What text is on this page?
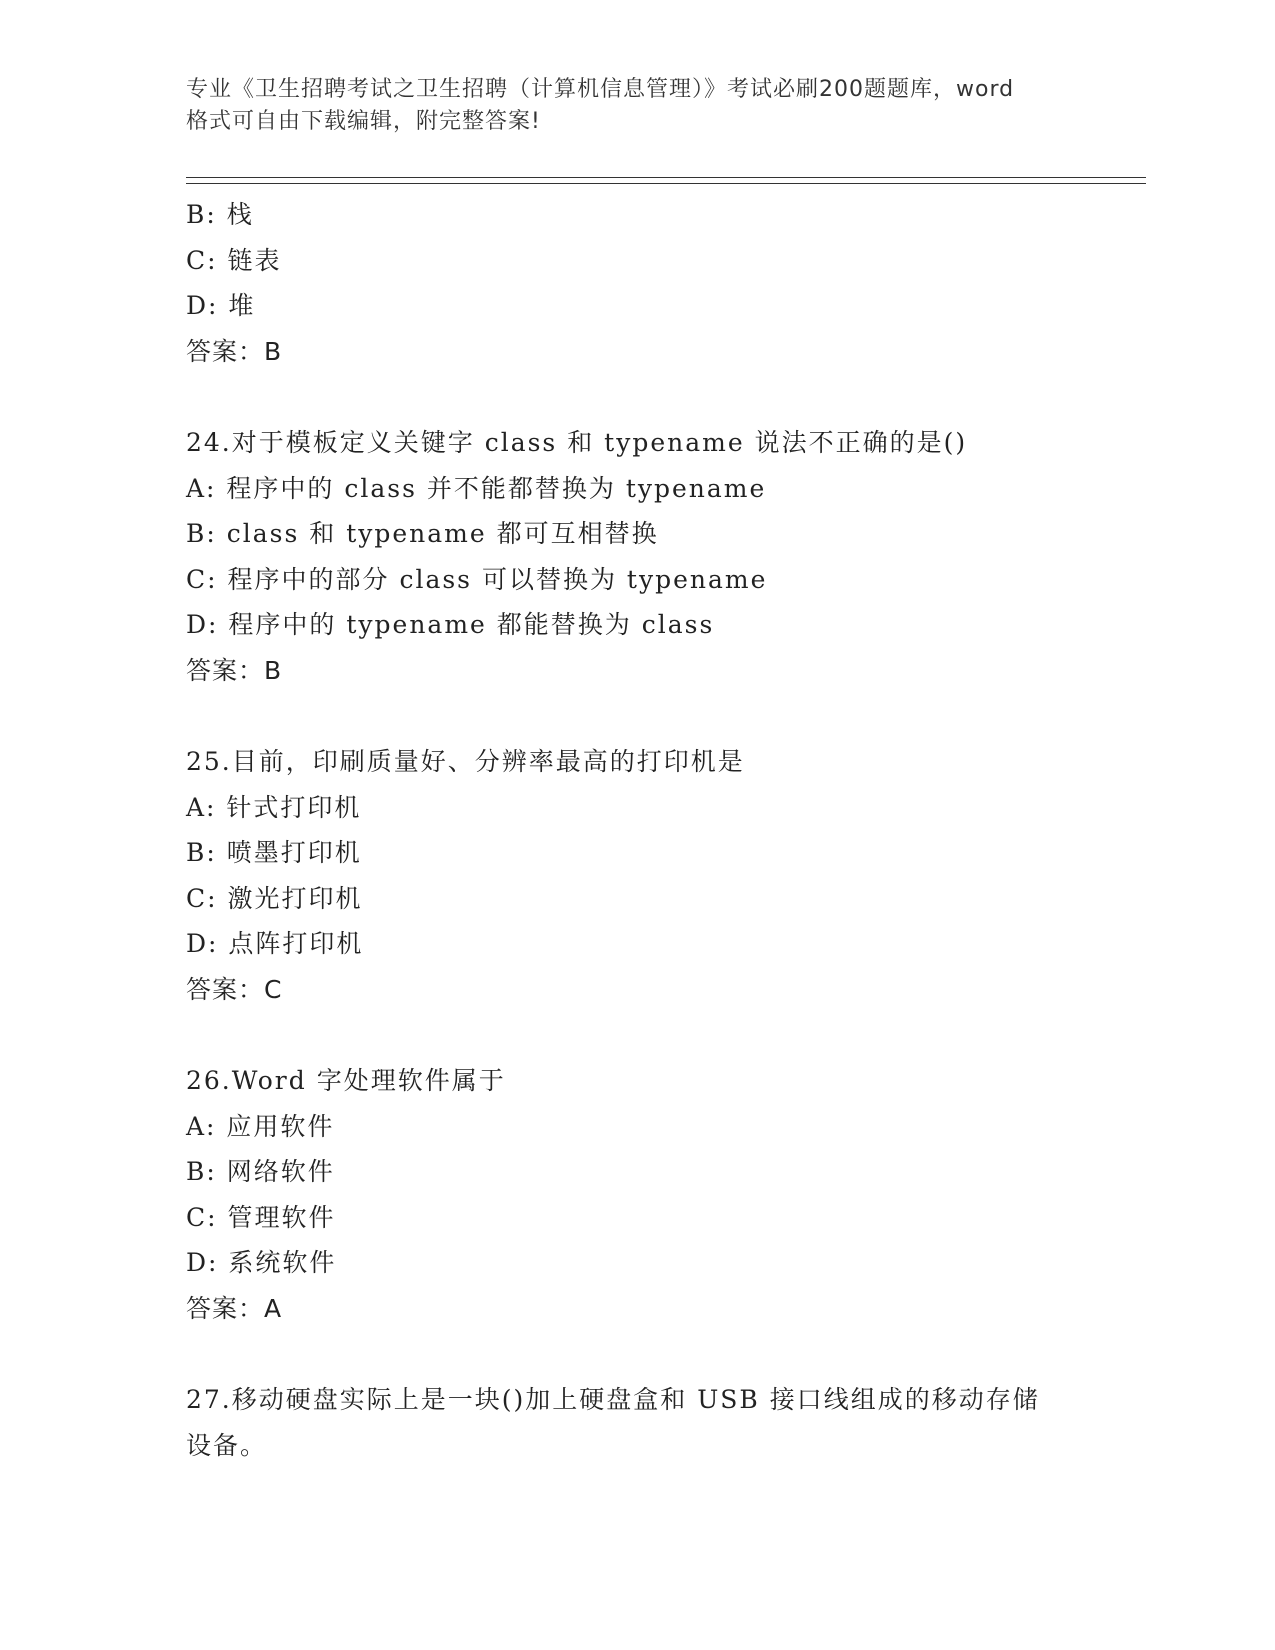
专业《卫生招聘考试之卫生招聘（计算机信息管理）》考试必刷200题题库，word
格式可自由下载编辑，附完整答案!
B: 栈
C: 链表
D: 堆
答案：B
24.对于模板定义关键字 class 和 typename 说法不正确的是()
A: 程序中的 class 并不能都替换为 typename
B: class 和 typename 都可互相替换
C: 程序中的部分 class 可以替换为 typename
D: 程序中的 typename 都能替换为 class
答案：B
25.目前，印刷质量好、分辨率最高的打印机是
A: 针式打印机
B: 喷墨打印机
C: 激光打印机
D: 点阵打印机
答案：C
26.Word 字处理软件属于
A: 应用软件
B: 网络软件
C: 管理软件
D: 系统软件
答案：A
27.移动硬盘实际上是一块()加上硬盘盒和 USB 接口线组成的移动存储
设备。
